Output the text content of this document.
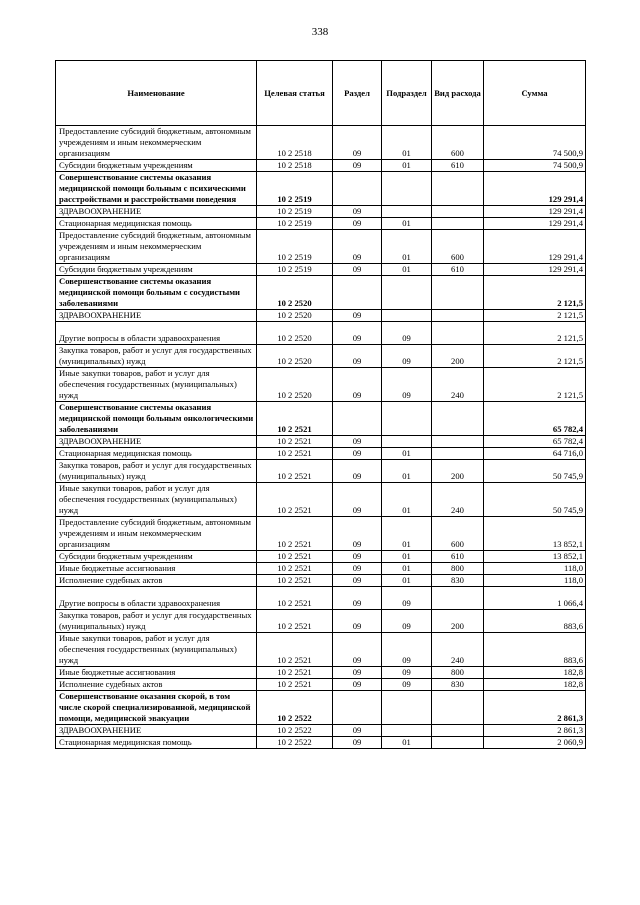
338
Наименование	Целевая статья	Раздел	Подраздел	Вид расхода	Сумма
Предоставление субсидий бюджетным, автономным учреждениям и иным некоммерческим организациям	10 2 2518	09	01	600	74 500,9
Субсидии бюджетным учреждениям	10 2 2518	09	01	610	74 500,9
Совершенствование системы оказания медицинской помощи больным с психическими расстройствами и расстройствами поведения	10 2 2519				129 291,4
ЗДРАВООХРАНЕНИЕ	10 2 2519	09			129 291,4
Стационарная медицинская помощь	10 2 2519	09	01		129 291,4
Предоставление субсидий бюджетным, автономным учреждениям и иным некоммерческим организациям	10 2 2519	09	01	600	129 291,4
Субсидии бюджетным учреждениям	10 2 2519	09	01	610	129 291,4
Совершенствование системы оказания медицинской помощи больным с сосудистыми заболеваниями	10 2 2520				2 121,5
ЗДРАВООХРАНЕНИЕ	10 2 2520	09			2 121,5
Другие вопросы в области здравоохранения	10 2 2520	09	09		2 121,5
Закупка товаров, работ и услуг для государственных (муниципальных) нужд	10 2 2520	09	09	200	2 121,5
Иные закупки товаров, работ и услуг для обеспечения государственных (муниципальных) нужд	10 2 2520	09	09	240	2 121,5
Совершенствование системы оказания медицинской помощи больным онкологическими заболеваниями	10 2 2521				65 782,4
ЗДРАВООХРАНЕНИЕ	10 2 2521	09			65 782,4
Стационарная медицинская помощь	10 2 2521	09	01		64 716,0
Закупка товаров, работ и услуг для государственных (муниципальных) нужд	10 2 2521	09	01	200	50 745,9
Иные закупки товаров, работ и услуг для обеспечения государственных (муниципальных) нужд	10 2 2521	09	01	240	50 745,9
Предоставление субсидий бюджетным, автономным учреждениям и иным некоммерческим организациям	10 2 2521	09	01	600	13 852,1
Субсидии бюджетным учреждениям	10 2 2521	09	01	610	13 852,1
Иные бюджетные ассигнования	10 2 2521	09	01	800	118,0
Исполнение судебных актов	10 2 2521	09	01	830	118,0
Другие вопросы в области здравоохранения	10 2 2521	09	09		1 066,4
Закупка товаров, работ и услуг для государственных (муниципальных) нужд	10 2 2521	09	09	200	883,6
Иные закупки товаров, работ и услуг для обеспечения государственных (муниципальных) нужд	10 2 2521	09	09	240	883,6
Иные бюджетные ассигнования	10 2 2521	09	09	800	182,8
Исполнение судебных актов	10 2 2521	09	09	830	182,8
Совершенствование оказания скорой, в том числе скорой специализированной, медицинской помощи, медицинской эвакуации	10 2 2522				2 861,3
ЗДРАВООХРАНЕНИЕ	10 2 2522	09			2 861,3
Стационарная медицинская помощь	10 2 2522	09	01		2 060,9
